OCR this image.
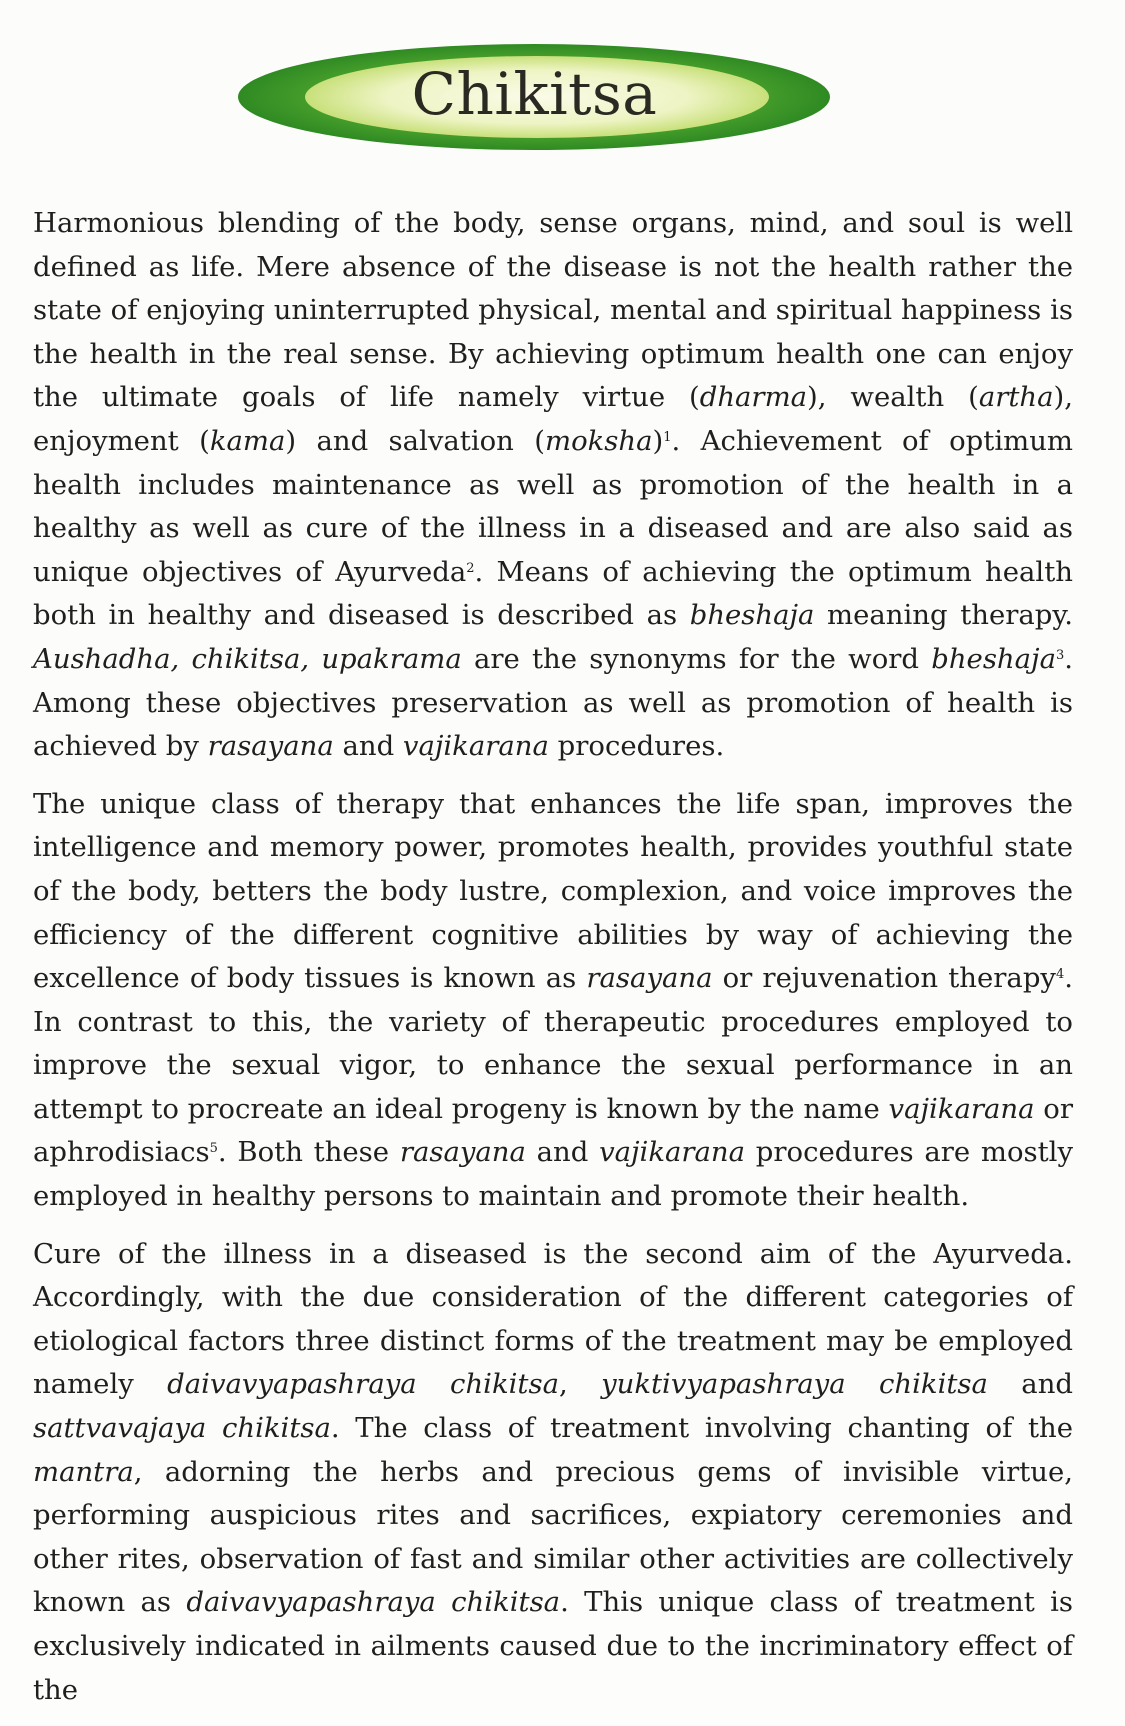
Chikitsa

Harmonious blending of the body, sense organs, mind, and soul is well defined as life. Mere absence of the disease is not the health rather the state of enjoying uninterrupted physical, mental and spiritual happiness is the health in the real sense. By achieving optimum health one can enjoy the ultimate goals of life namely virtue (dharma), wealth (artha), enjoyment (kama) and salvation (moksha)$^1$. Achievement of optimum health includes maintenance as well as promotion of the health in a healthy as well as cure of the illness in a diseased and are also said as unique objectives of Ayurveda$^2$. Means of achieving the optimum health both in healthy and diseased is described as bheshaja meaning therapy. Aushadha, chikitsa, upakrama are the synonyms for the word bheshaja$^3$. Among these objectives preservation as well as promotion of health is achieved by rasayana and vajikarana procedures.

The unique class of therapy that enhances the life span, improves the intelligence and memory power, promotes health, provides youthful state of the body, betters the body lustre, complexion, and voice improves the efficiency of the different cognitive abilities by way of achieving the excellence of body tissues is known as rasayana or rejuvenation therapy$^4$. In contrast to this, the variety of therapeutic procedures employed to improve the sexual vigor, to enhance the sexual performance in an attempt to procreate an ideal progeny is known by the name vajikarana or aphrodisiacs$^5$. Both these rasayana and vajikarana procedures are mostly employed in healthy persons to maintain and promote their health.

Cure of the illness in a diseased is the second aim of the Ayurveda. Accordingly, with the due consideration of the different categories of etiological factors three distinct forms of the treatment may be employed namely daivavyapashraya chikitsa, yuktivyapashraya chikitsa and sattvavajaya chikitsa. The class of treatment involving chanting of the mantra, adorning the herbs and precious gems of invisible virtue, performing auspicious rites and sacrifices, expiatory ceremonies and other rites, observation of fast and similar other activities are collectively known as daivavyapashraya chikitsa. This unique class of treatment is exclusively indicated in ailments caused due to the incriminatory effect of the
